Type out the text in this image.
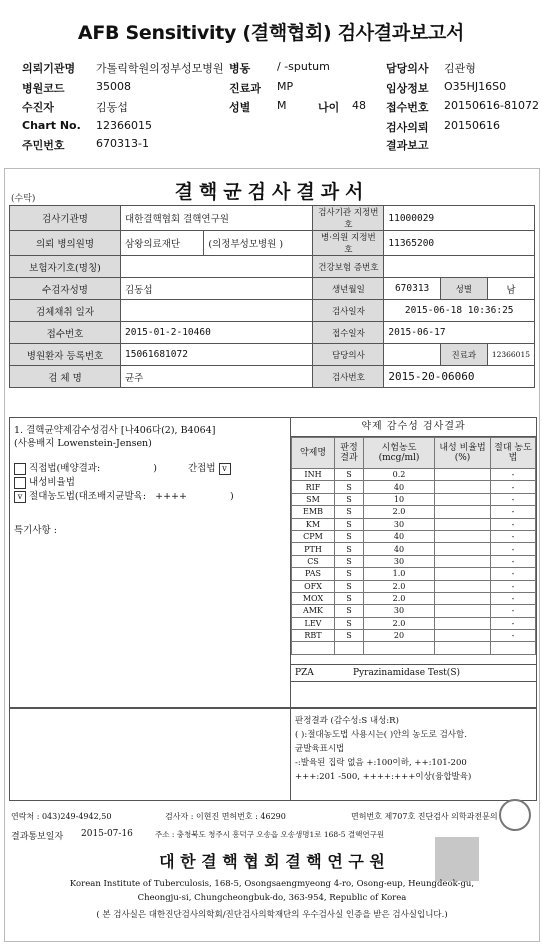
AFB Sensitivity (결핵협회) 검사결과보고서
의뢰기관명 가톨릭학원의정부성모병원 병동 / -sputum	담당의사 김관형
병원코드	35008	진료과 MP	임상정보 O35HJ16S0
수진자	김동섭	성별 M	나이 48 접수번호 20150616-81072
Chart No. 12366015	검사의뢰 20150616
주민번호	670313-1	결과보고
(수탁)	결핵균검사결과서
검사기관명	대한결핵협회 결핵연구원		검사기관 지정번호	11000029		
의뢰 병의원명	삼왕의료재단	(의정부성모병원 )	병·의원 지정번호	11365200		
보험자기호(명칭)			건강보험 증번호			
수검자성명	김동섭		생년월일	670313	성별	남
검체채취 일자			검사일자	2015-06-18 10:36:25		
접수번호	2015-01-2-10460		접수일자	2015-06-17		
병원환자 등록번호	15061681072		담당의사		진료과	12366015
검 체 명	균주		검사번호	2015-20-06060		
1. 결핵균약제감수성검사 [나406다(2), B4064]
(사용배지 Lowenstein-Jensen)
직접법(배양결과:	)	간접법 v
내성비율법
v 절대농도법(대조배지균발육: ++++	)
특기사항 :
약제 감수성 검사결과
약제명	판정 결과	시험농도 (mcg/ml)	내성 비율법(%)	절대 농도법
INH	S	0.2		-
RIF	S	40		-
SM	S	10		-
EMB	S	2.0		-
KM	S	30		-
CPM	S	40		-
PTH	S	40		-
CS	S	30		-
PAS	S	1.0		-
OFX	S	2.0		-
MOX	S	2.0		-
AMK	S	30		-
LEV	S	2.0		-
RBT	S	20		-

PZA	Pyrazinamidase Test(S)
판정결과 (감수성:S 내성:R)
( ):절대농도법 사용시는( )안의 농도로 검사함.
균발육표시법
-:발육된 집락 없음 +:100이하, ++:101-200
+++:201 -500, ++++:+++이상(융합발육)
연락처 : 043)249-4942,50	검사자 : 이현진 면허번호 : 46290	면허번호 제707호 진단검사 의학과전문의
결과통보일자 2015-07-16	주소 : 충청북도 청주시 흥덕구 오송읍 오송생명1로 168-5 결핵연구원
대 한 결 핵 협 회 결 핵 연 구 원
Korean Institute of Tuberculosis, 168-5, Osongsaengmyeong 4-ro, Osong-eup, Heungdeok-gu,
Cheongju-si, Chungcheongbuk-do, 363-954, Republic of Korea
( 본 검사실은 대한진단검사의학회/진단검사의학재단의 우수검사실 인증을 받은 검사실입니다.)
